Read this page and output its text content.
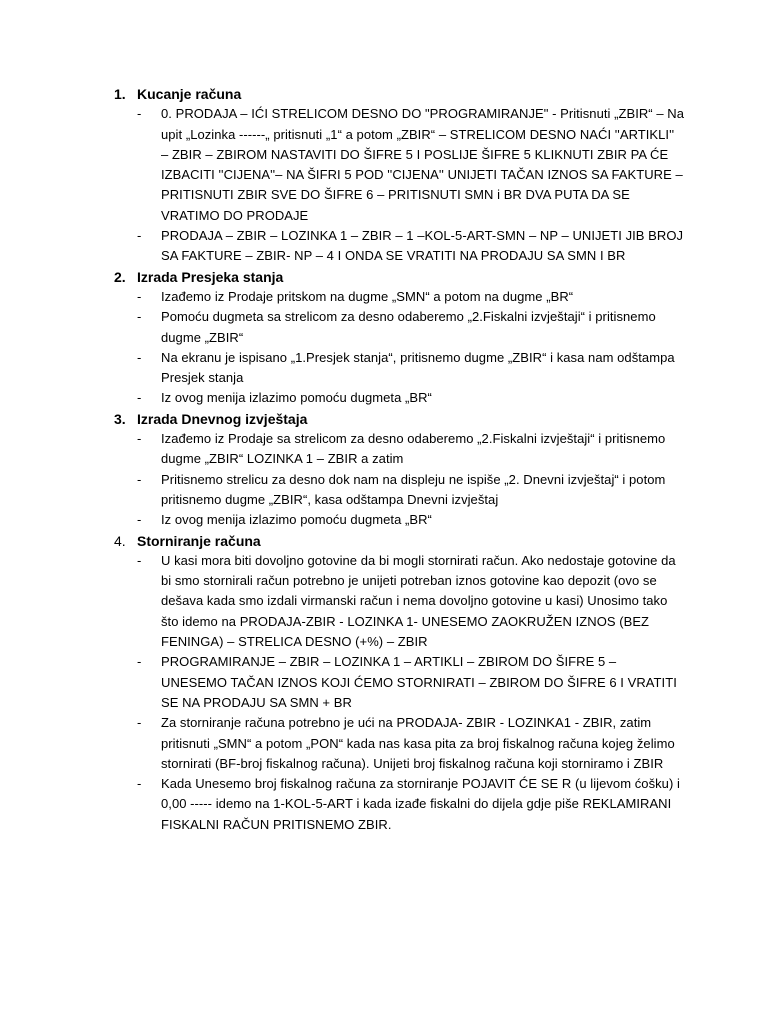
1. Kucanje računa
-	0. PRODAJA – IĆI STRELICOM DESNO DO "PROGRAMIRANJE" - Pritisnuti „ZBIR“ – Na upit „Lozinka ------„ pritisnuti „1“ a potom „ZBIR“ – STRELICOM DESNO NAĆI ''ARTIKLI'' – ZBIR – ZBIROM NASTAVITI DO ŠIFRE 5 I POSLIJE ŠIFRE 5 KLIKNUTI ZBIR PA ĆE IZBACITI ''CIJENA''– NA ŠIFRI 5 POD ''CIJENA'' UNIJETI TAČAN IZNOS SA FAKTURE – PRITISNUTI ZBIR SVE DO ŠIFRE 6 – PRITISNUTI SMN i BR DVA PUTA DA SE VRATIMO DO PRODAJE
-	PRODAJA – ZBIR – LOZINKA 1 – ZBIR – 1 –KOL-5-ART-SMN – NP – UNIJETI JIB BROJ SA FAKTURE – ZBIR- NP – 4 I ONDA SE VRATITI NA PRODAJU SA SMN I BR
2. Izrada Presjeka stanja
-	Izađemo iz Prodaje pritskom na dugme „SMN“ a potom na dugme „BR“
-	Pomoću dugmeta sa strelicom za desno odaberemo „2.Fiskalni izvještaji“ i pritisnemo dugme „ZBIR“
-	Na ekranu je ispisano „1.Presjek stanja“, pritisnemo dugme „ZBIR“ i kasa nam odštampa Presjek stanja
-	Iz ovog menija izlazimo pomoću dugmeta „BR“
3. Izrada Dnevnog izvještaja
-	Izađemo iz Prodaje sa strelicom za desno odaberemo „2.Fiskalni izvještaji“ i pritisnemo dugme „ZBIR“ LOZINKA 1 – ZBIR a zatim
-	Pritisnemo strelicu za desno dok nam na displeju ne ispiše „2. Dnevni izvještaj“ i potom pritisnemo dugme „ZBIR“, kasa odštampa Dnevni izvještaj
-	Iz ovog menija izlazimo pomoću dugmeta „BR“
4. Storniranje računa
-	U kasi mora biti dovoljno gotovine da bi mogli stornirati račun. Ako nedostaje gotovine da bi smo stornirali račun potrebno je unijeti potreban iznos gotovine kao depozit (ovo se dešava kada smo izdali virmanski račun i nema dovoljno gotovine u kasi) Unosimo tako što idemo na PRODAJA-ZBIR - LOZINKA 1- UNESEMO ZAOKRUŽEN IZNOS (BEZ FENINGA) – STRELICA DESNO (+%) – ZBIR
-	PROGRAMIRANJE – ZBIR – LOZINKA 1 – ARTIKLI – ZBIROM DO ŠIFRE 5 – UNESEMO TAČAN IZNOS KOJI ĆEMO STORNIRATI – ZBIROM DO ŠIFRE 6 I VRATITI SE NA PRODAJU SA SMN + BR
-	Za storniranje računa potrebno je ući na PRODAJA- ZBIR - LOZINKA1 - ZBIR, zatim pritisnuti „SMN“ a potom „PON“ kada nas kasa pita za broj fiskalnog računa kojeg želimo stornirati (BF-broj fiskalnog računa). Unijeti broj fiskalnog računa koji storniramo i ZBIR
-	Kada Unesemo broj fiskalnog računa za storniranje POJAVIT ĆE SE R (u lijevom ćošku) i 0,00 ----- idemo na 1-KOL-5-ART i kada izađe fiskalni do dijela gdje piše REKLAMIRANI FISKALNI RAČUN PRITISNEMO ZBIR.
